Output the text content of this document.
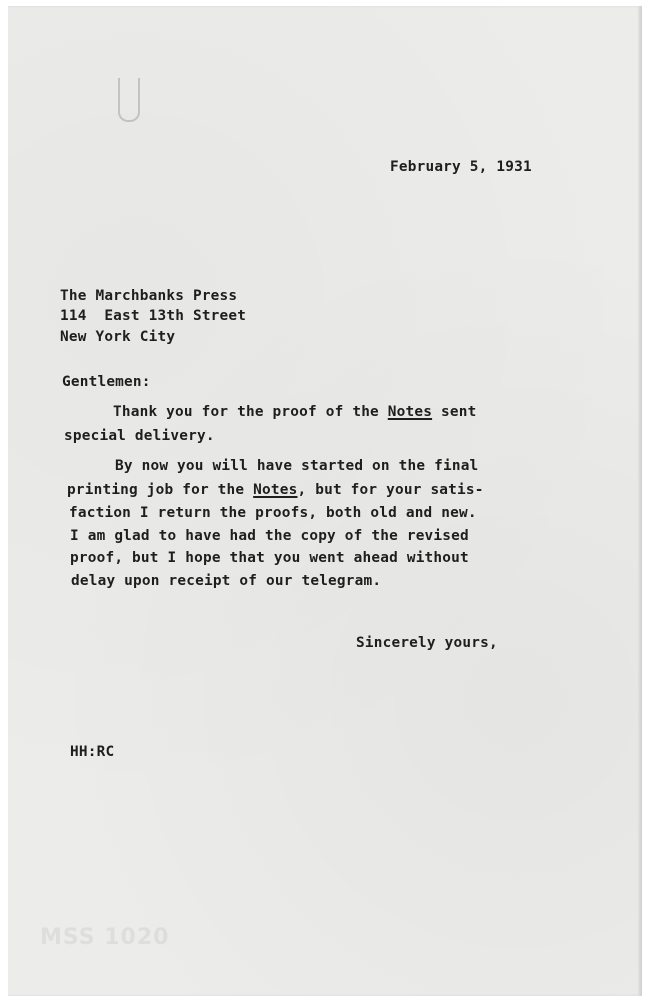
February 5, 1931

The Marchbanks Press

114  East 13th Street

New York City

Gentlemen:

Thank you for the proof of the Notes sent

special delivery.

By now you will have started on the final

printing job for the Notes, but for your satis-

faction I return the proofs, both old and new.

I am glad to have had the copy of the revised

proof, but I hope that you went ahead without

delay upon receipt of our telegram.

Sincerely yours,

HH:RC

MSS 1020
